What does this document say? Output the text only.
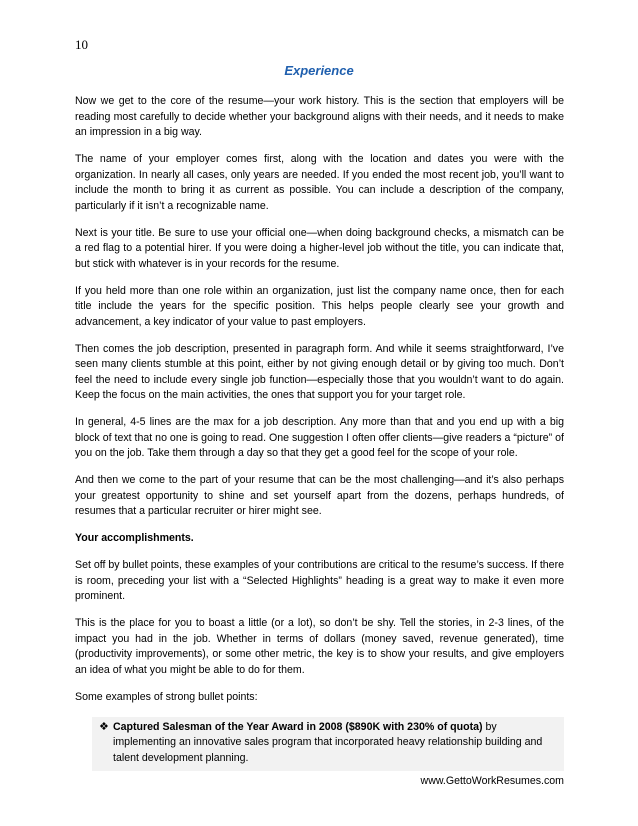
10
Experience

Now we get to the core of the resume—your work history. This is the section that employers will be reading most carefully to decide whether your background aligns with their needs, and it needs to make an impression in a big way.

The name of your employer comes first, along with the location and dates you were with the organization. In nearly all cases, only years are needed. If you ended the most recent job, you’ll want to include the month to bring it as current as possible. You can include a description of the company, particularly if it isn’t a recognizable name.

Next is your title. Be sure to use your official one—when doing background checks, a mismatch can be a red flag to a potential hirer. If you were doing a higher-level job without the title, you can indicate that, but stick with whatever is in your records for the resume.

If you held more than one role within an organization, just list the company name once, then for each title include the years for the specific position. This helps people clearly see your growth and advancement, a key indicator of your value to past employers.

Then comes the job description, presented in paragraph form. And while it seems straightforward, I’ve seen many clients stumble at this point, either by not giving enough detail or by giving too much. Don’t feel the need to include every single job function—especially those that you wouldn’t want to do again. Keep the focus on the main activities, the ones that support you for your target role.

In general, 4-5 lines are the max for a job description. Any more than that and you end up with a big block of text that no one is going to read. One suggestion I often offer clients—give readers a “picture” of you on the job. Take them through a day so that they get a good feel for the scope of your role.

And then we come to the part of your resume that can be the most challenging—and it’s also perhaps your greatest opportunity to shine and set yourself apart from the dozens, perhaps hundreds, of resumes that a particular recruiter or hirer might see.

Your accomplishments.

Set off by bullet points, these examples of your contributions are critical to the resume’s success. If there is room, preceding your list with a “Selected Highlights” heading is a great way to make it even more prominent.

This is the place for you to boast a little (or a lot), so don’t be shy. Tell the stories, in 2-3 lines, of the impact you had in the job. Whether in terms of dollars (money saved, revenue generated), time (productivity improvements), or some other metric, the key is to show your results, and give employers an idea of what you might be able to do for them.

Some examples of strong bullet points:

❖ Captured Salesman of the Year Award in 2008 ($890K with 230% of quota) by implementing an innovative sales program that incorporated heavy relationship building and talent development planning.
www.GettoWorkResumes.com
